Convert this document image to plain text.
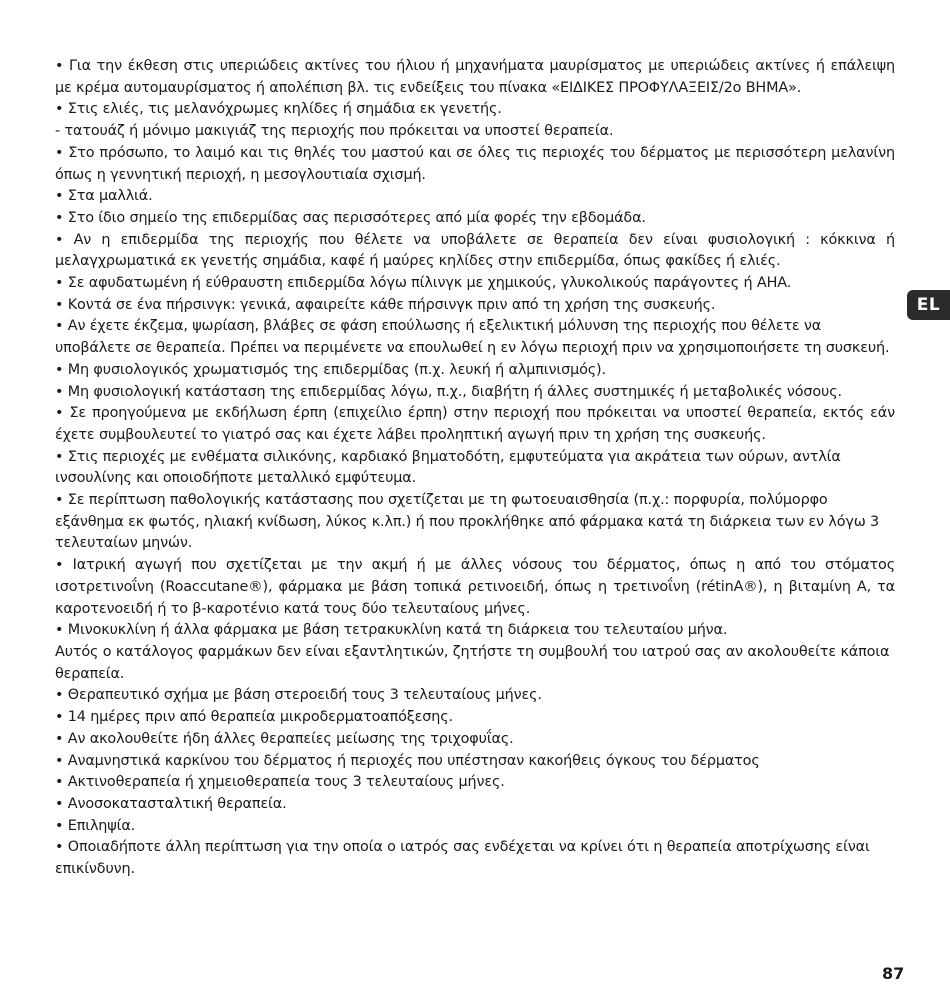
• Για την έκθεση στις υπεριώδεις ακτίνες του ήλιου ή μηχανήματα μαυρίσματος με υπεριώδεις ακτίνες ή επάλειψη με κρέμα αυτομαυρίσματος ή απολέπιση βλ. τις ενδείξεις του πίνακα «ΕΙΔΙΚΕΣ ΠΡΟΦΥΛΑΞΕΙΣ/2ο ΒΗΜΑ».

• Στις ελιές, τις μελανόχρωμες κηλίδες ή σημάδια εκ γενετής.

- τατουάζ ή μόνιμο μακιγιάζ της περιοχής που πρόκειται να υποστεί θεραπεία.

• Στο πρόσωπο, το λαιμό και τις θηλές του μαστού και σε όλες τις περιοχές του δέρματος με περισσότερη μελανίνη όπως η γεννητική περιοχή, η μεσογλουτιαία σχισμή.

• Στα μαλλιά.

• Στο ίδιο σημείο της επιδερμίδας σας περισσότερες από μία φορές την εβδομάδα.

• Αν η επιδερμίδα της περιοχής που θέλετε να υποβάλετε σε θεραπεία δεν είναι φυσιολογική : κόκκινα ή μελαγχρωματικά εκ γενετής σημάδια, καφέ ή μαύρες κηλίδες στην επιδερμίδα, όπως φακίδες ή ελιές.

• Σε αφυδατωμένη ή εύθραυστη επιδερμίδα λόγω πίλινγκ με χημικούς, γλυκολικούς παράγοντες ή AHA.

• Κοντά σε ένα πήρσινγκ: γενικά, αφαιρείτε κάθε πήρσινγκ πριν από τη χρήση της συσκευής.

• Αν έχετε έκζεμα, ψωρίαση, βλάβες σε φάση επούλωσης ή εξελικτική μόλυνση της περιοχής που θέλετε να υποβάλετε σε θεραπεία. Πρέπει να περιμένετε να επουλωθεί η εν λόγω περιοχή πριν να χρησιμοποιήσετε τη συσκευή.

• Μη φυσιολογικός χρωματισμός της επιδερμίδας (π.χ. λευκή ή αλμπινισμός).

• Μη φυσιολογική κατάσταση της επιδερμίδας λόγω, π.χ., διαβήτη ή άλλες συστημικές ή μεταβολικές νόσους.

• Σε προηγούμενα με εκδήλωση έρπη (επιχείλιο έρπη) στην περιοχή που πρόκειται να υποστεί θεραπεία, εκτός εάν έχετε συμβουλευτεί το γιατρό σας και έχετε λάβει προληπτική αγωγή πριν τη χρήση της συσκευής.

• Στις περιοχές με ενθέματα σιλικόνης, καρδιακό βηματοδότη, εμφυτεύματα για ακράτεια των ούρων, αντλία ινσουλίνης και οποιοδήποτε μεταλλικό εμφύτευμα.

• Σε περίπτωση παθολογικής κατάστασης που σχετίζεται με τη φωτοευαισθησία (π.χ.: πορφυρία, πολύμορφο εξάνθημα εκ φωτός, ηλιακή κνίδωση, λύκος κ.λπ.) ή που προκλήθηκε από φάρμακα κατά τη διάρκεια των εν λόγω 3 τελευταίων μηνών.

• Ιατρική αγωγή που σχετίζεται με την ακμή ή με άλλες νόσους του δέρματος, όπως η από του στόματος ισοτρετινοΐνη (Roaccutane®), φάρμακα με βάση τοπικά ρετινοειδή, όπως η τρετινοΐνη (rétinA®), η βιταμίνη A, τα καροτενοειδή ή το β-καροτένιο κατά τους δύο τελευταίους μήνες.

• Μινοκυκλίνη ή άλλα φάρμακα με βάση τετρακυκλίνη κατά τη διάρκεια του τελευταίου μήνα.

Αυτός ο κατάλογος φαρμάκων δεν είναι εξαντλητικών, ζητήστε τη συμβουλή του ιατρού σας αν ακολουθείτε κάποια θεραπεία.

• Θεραπευτικό σχήμα με βάση στεροειδή τους 3 τελευταίους μήνες.

• 14 ημέρες πριν από θεραπεία μικροδερματοαπόξεσης.

• Αν ακολουθείτε ήδη άλλες θεραπείες μείωσης της τριχοφυΐας.

• Αναμνηστικά καρκίνου του δέρματος ή περιοχές που υπέστησαν κακοήθεις όγκους του δέρματος

• Ακτινοθεραπεία ή χημειοθεραπεία τους 3 τελευταίους μήνες.

• Ανοσοκατασταλτική θεραπεία.

• Επιληψία.

• Οποιαδήποτε άλλη περίπτωση για την οποία ο ιατρός σας ενδέχεται να κρίνει ότι η θεραπεία αποτρίχωσης είναι επικίνδυνη.

EL
87
